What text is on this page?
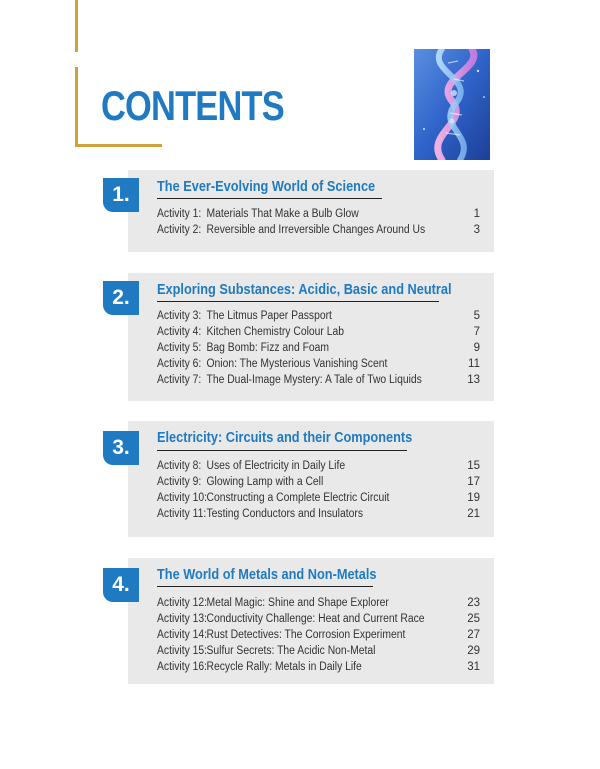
CONTENTS
The Ever-Evolving World of Science
Activity 1: Materials That Make a Bulb Glow	1
Activity 2: Reversible and Irreversible Changes Around Us	3
1.
Exploring Substances: Acidic, Basic and Neutral
Activity 3: The Litmus Paper Passport	5
Activity 4: Kitchen Chemistry Colour Lab	7
Activity 5: Bag Bomb: Fizz and Foam	9
Activity 6: Onion: The Mysterious Vanishing Scent	11
Activity 7: The Dual-Image Mystery: A Tale of Two Liquids	13
2.
Electricity: Circuits and their Components
Activity 8: Uses of Electricity in Daily Life	15
Activity 9: Glowing Lamp with a Cell	17
Activity 10: Constructing a Complete Electric Circuit	19
Activity 11: Testing Conductors and Insulators	21
3.
The World of Metals and Non-Metals
Activity 12: Metal Magic: Shine and Shape Explorer	23
Activity 13: Conductivity Challenge: Heat and Current Race	25
Activity 14: Rust Detectives: The Corrosion Experiment	27
Activity 15: Sulfur Secrets: The Acidic Non-Metal	29
Activity 16: Recycle Rally: Metals in Daily Life	31
4.
